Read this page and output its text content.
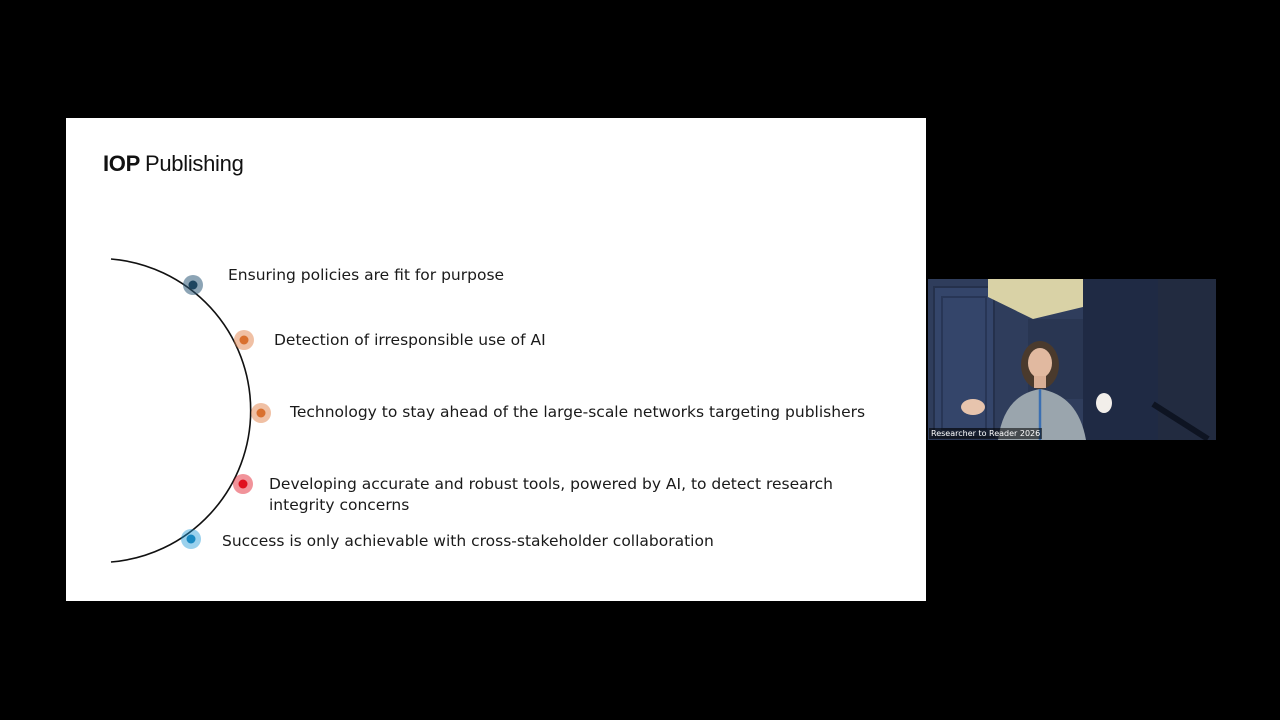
IOP Publishing
Ensuring policies are fit for purpose
Detection of irresponsible use of AI
Technology to stay ahead of the large-scale networks targeting publishers
Developing accurate and robust tools, powered by AI, to detect research integrity concerns
Success is only achievable with cross-stakeholder collaboration
Researcher to Reader 2026
